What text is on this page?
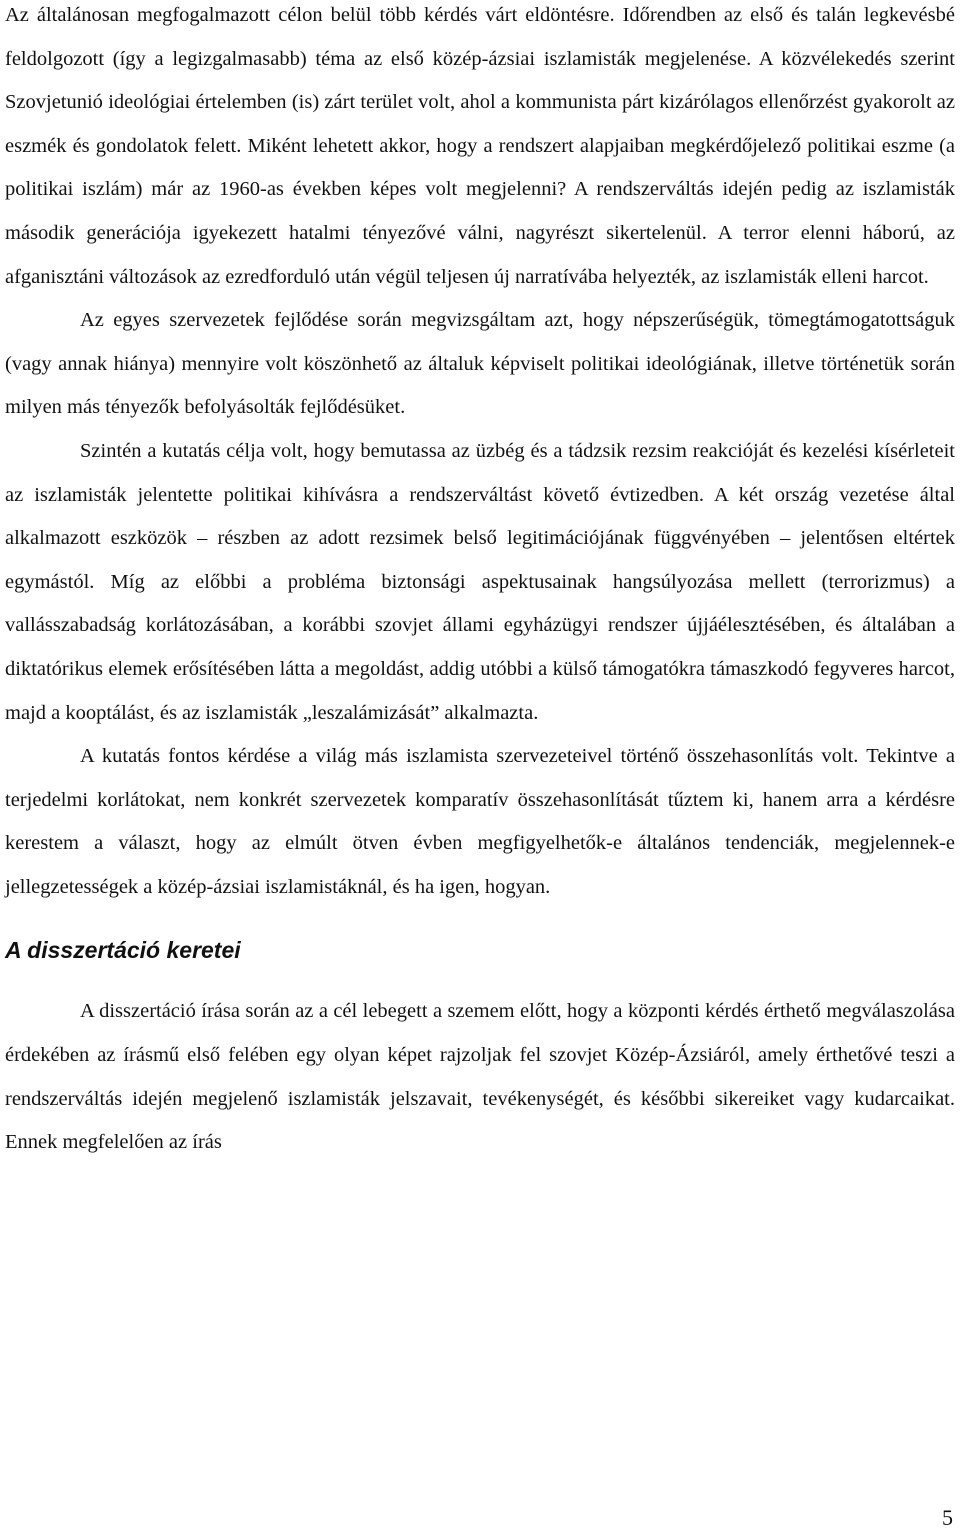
Az általánosan megfogalmazott célon belül több kérdés várt eldöntésre. Időrendben az első és talán legkevésbé feldolgozott (így a legizgalmasabb) téma az első közép-ázsiai iszlamisták megjelenése. A közvélekedés szerint Szovjetunió ideológiai értelemben (is) zárt terület volt, ahol a kommunista párt kizárólagos ellenőrzést gyakorolt az eszmék és gondolatok felett. Miként lehetett akkor, hogy a rendszert alapjaiban megkérdőjelező politikai eszme (a politikai iszlám) már az 1960-as években képes volt megjelenni? A rendszerváltás idején pedig az iszlamisták második generációja igyekezett hatalmi tényezővé válni, nagyrészt sikertelenül. A terror elenni háború, az afganisztáni változások az ezredforduló után végül teljesen új narratívába helyezték, az iszlamisták elleni harcot.

Az egyes szervezetek fejlődése során megvizsgáltam azt, hogy népszerűségük, tömegtámogatottságuk (vagy annak hiánya) mennyire volt köszönhető az általuk képviselt politikai ideológiának, illetve történetük során milyen más tényezők befolyásolták fejlődésüket.

Szintén a kutatás célja volt, hogy bemutassa az üzbég és a tádzsik rezsim reakcióját és kezelési kísérleteit az iszlamisták jelentette politikai kihívásra a rendszerváltást követő évtizedben. A két ország vezetése által alkalmazott eszközök – részben az adott rezsimek belső legitimációjának függvényében – jelentősen eltértek egymástól. Míg az előbbi a probléma biztonsági aspektusainak hangsúlyozása mellett (terrorizmus) a vallásszabadság korlátozásában, a korábbi szovjet állami egyházügyi rendszer újjáélesztésében, és általában a diktatórikus elemek erősítésében látta a megoldást, addig utóbbi a külső támogatókra támaszkodó fegyveres harcot, majd a kooptálást, és az iszlamisták „leszalámizását” alkalmazta.

A kutatás fontos kérdése a világ más iszlamista szervezeteivel történő összehasonlítás volt. Tekintve a terjedelmi korlátokat, nem konkrét szervezetek komparatív összehasonlítását tűztem ki, hanem arra a kérdésre kerestem a választ, hogy az elmúlt ötven évben megfigyelhetők-e általános tendenciák, megjelennek-e jellegzetességek a közép-ázsiai iszlamistáknál, és ha igen, hogyan.

A disszertáció keretei

A disszertáció írása során az a cél lebegett a szemem előtt, hogy a központi kérdés érthető megválaszolása érdekében az írásmű első felében egy olyan képet rajzoljak fel szovjet Közép-Ázsiáról, amely érthetővé teszi a rendszerváltás idején megjelenő iszlamisták jelszavait, tevékenységét, és későbbi sikereiket vagy kudarcaikat. Ennek megfelelően az írás

5
